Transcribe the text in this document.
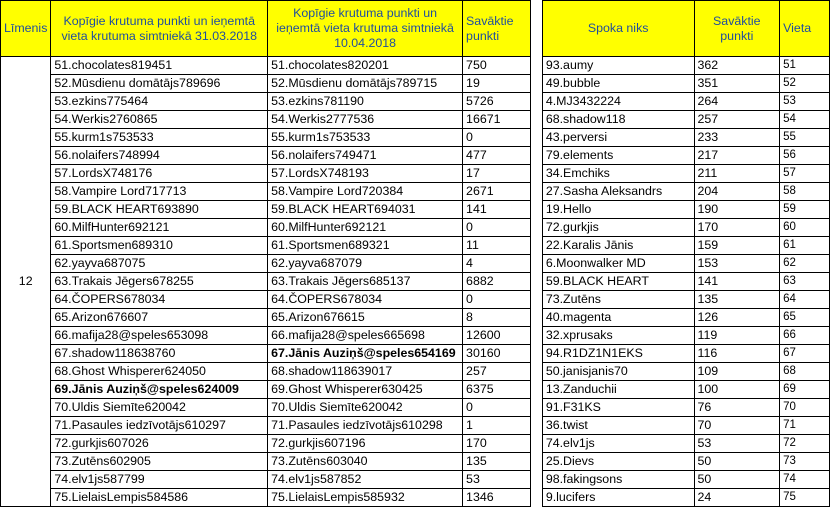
Līmenis	Kopīgie krutuma punkti un ieņemtā vieta krutuma simtniekā 31.03.2018	Kopīgie krutuma punkti un ieņemtā vieta krutuma simtniekā 10.04.2018	Savāktie punkti		Spoka niks	Savāktie punkti	Vieta
12	51.chocolates819451	51.chocolates820201	750		93.aumy	362	51
	52.Mūsdienu domātājs789696	52.Mūsdienu domātājs789715	19		49.bubble	351	52
	53.ezkins775464	53.ezkins781190	5726		4.MJ3432224	264	53
	54.Werkis2760865	54.Werkis2777536	16671		68.shadow118	257	54
	55.kurm1s753533	55.kurm1s753533	0		43.perversi	233	55
	56.nolaifers748994	56.nolaifers749471	477		79.elements	217	56
	57.LordsX748176	57.LordsX748193	17		34.Emchiks	211	57
	58.Vampire Lord717713	58.Vampire Lord720384	2671		27.Sasha Aleksandrs	204	58
	59.BLACK HEART693890	59.BLACK HEART694031	141		19.Hello	190	59
	60.MilfHunter692121	60.MilfHunter692121	0		72.gurkjis	170	60
	61.Sportsmen689310	61.Sportsmen689321	11		22.Karalis Jānis	159	61
	62.yayva687075	62.yayva687079	4		6.Moonwalker MD	153	62
	63.Trakais Jēgers678255	63.Trakais Jēgers685137	6882		59.BLACK HEART	141	63
	64.ČOPERS678034	64.ČOPERS678034	0		73.Zutēns	135	64
	65.Arizon676607	65.Arizon676615	8		40.magenta	126	65
	66.mafija28@speles653098	66.mafija28@speles665698	12600		32.xprusaks	119	66
	67.shadow118638760	67.Jānis Auziņš@speles654169	30160		94.R1DZ1N1EKS	116	67
	68.Ghost Whisperer624050	68.shadow118639017	257		50.janisjanis70	109	68
	69.Jānis Auziņš@speles624009	69.Ghost Whisperer630425	6375		13.Zanduchii	100	69
	70.Uldis Siemīte620042	70.Uldis Siemīte620042	0		91.F31KS	76	70
	71.Pasaules iedzīvotājs610297	71.Pasaules iedzīvotājs610298	1		36.twist	70	71
	72.gurkjis607026	72.gurkjis607196	170		74.elv1js	53	72
	73.Zutēns602905	73.Zutēns603040	135		25.Dievs	50	73
	74.elv1js587799	74.elv1js587852	53		98.fakingsons	50	74
	75.LielaisLempis584586	75.LielaisLempis585932	1346		9.lucifers	24	75
